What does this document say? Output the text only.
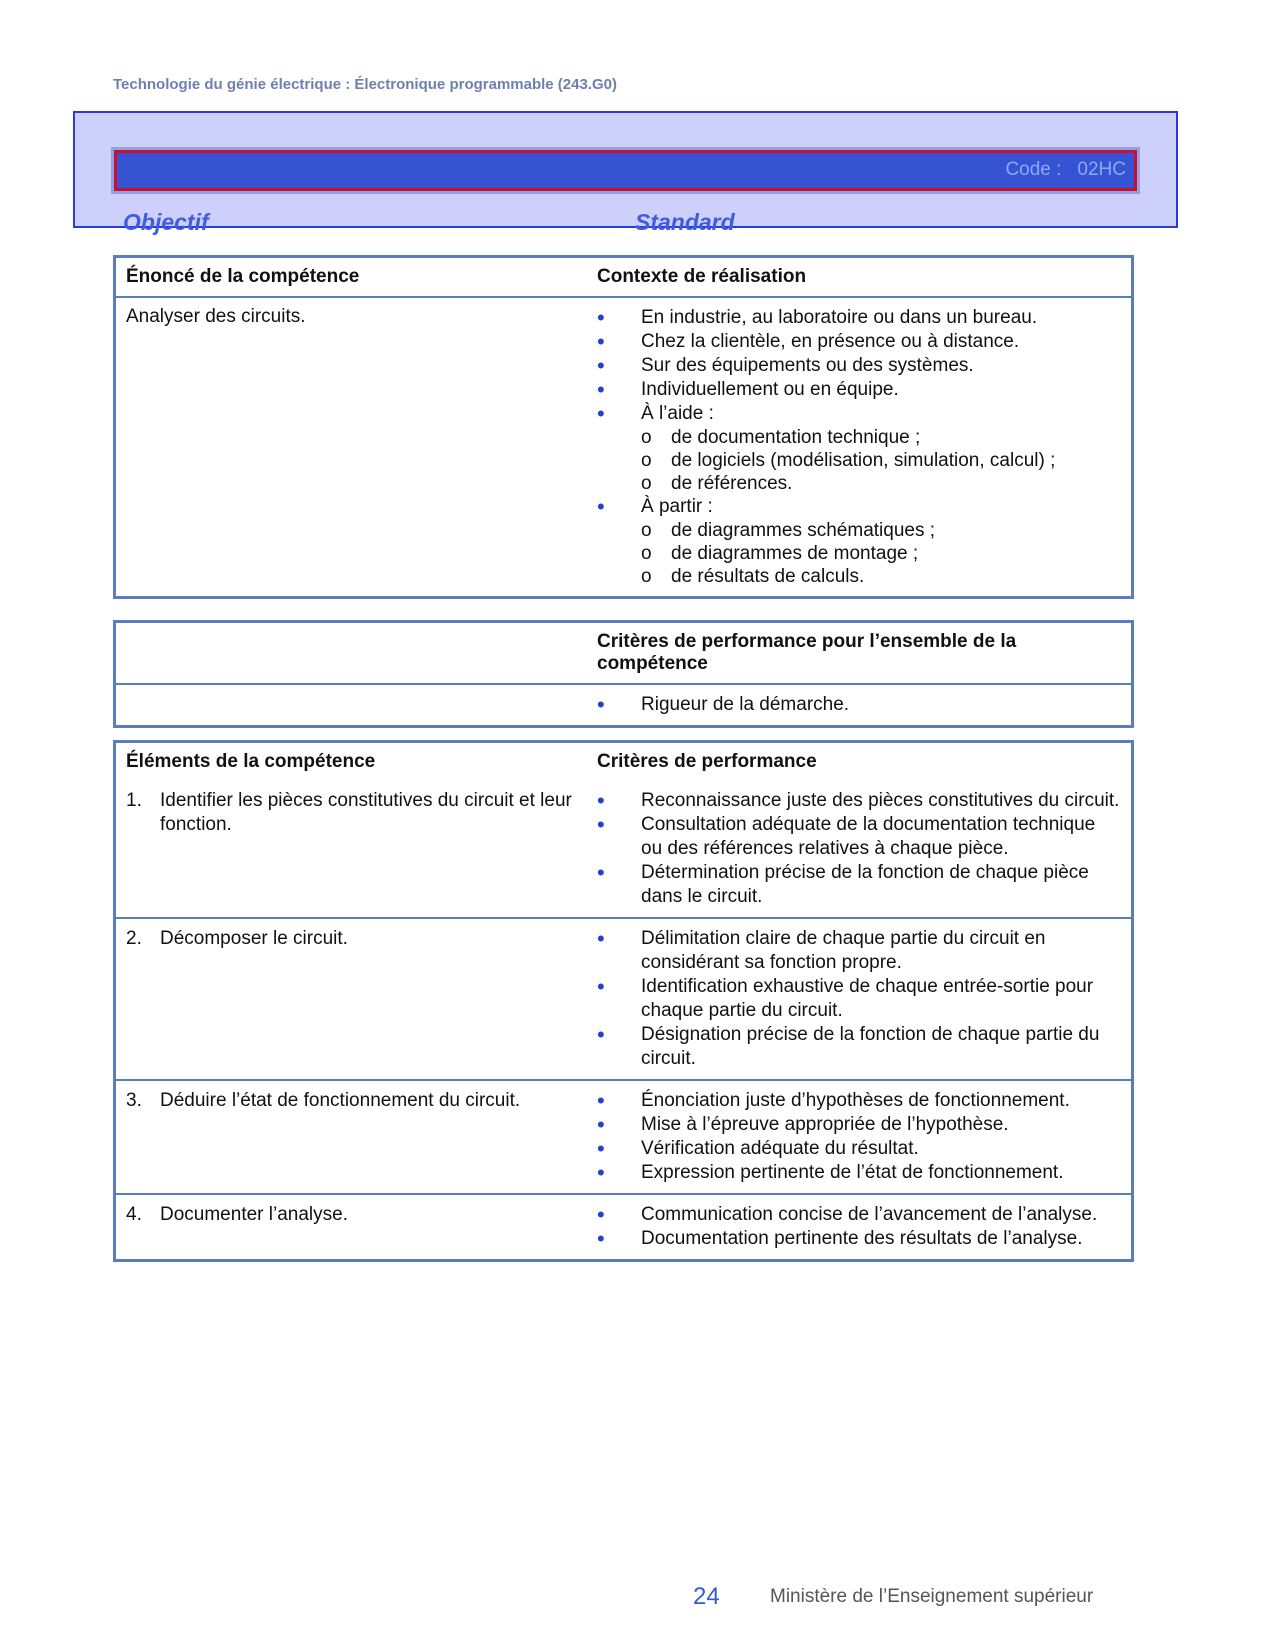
Technologie du génie électrique : Électronique programmable (243.G0)
Code : 02HC
Objectif	Standard
Énoncé de la compétence	Contexte de réalisation
Analyser des circuits.	• En industrie, au laboratoire ou dans un bureau.
• Chez la clientèle, en présence ou à distance.
• Sur des équipements ou des systèmes.
• Individuellement ou en équipe.
• À l’aide :
o de documentation technique ;
o de logiciels (modélisation, simulation, calcul) ;
o de références.
• À partir :
o de diagrammes schématiques ;
o de diagrammes de montage ;
o de résultats de calculs.
Critères de performance pour l’ensemble de la compétence
• Rigueur de la démarche.
Éléments de la compétence	Critères de performance
1. Identifier les pièces constitutives du circuit et leur fonction.
• Reconnaissance juste des pièces constitutives du circuit.
• Consultation adéquate de la documentation technique ou des références relatives à chaque pièce.
• Détermination précise de la fonction de chaque pièce dans le circuit.
2. Décomposer le circuit.	• Délimitation claire de chaque partie du circuit en considérant sa fonction propre.
• Identification exhaustive de chaque entrée-sortie pour chaque partie du circuit.
• Désignation précise de la fonction de chaque partie du circuit.
3. Déduire l’état de fonctionnement du circuit.	• Énonciation juste d’hypothèses de fonctionnement.
• Mise à l’épreuve appropriée de l’hypothèse.
• Vérification adéquate du résultat.
• Expression pertinente de l’état de fonctionnement.
4. Documenter l’analyse.	• Communication concise de l’avancement de l’analyse.
• Documentation pertinente des résultats de l’analyse.
24	Ministère de l’Enseignement supérieur
